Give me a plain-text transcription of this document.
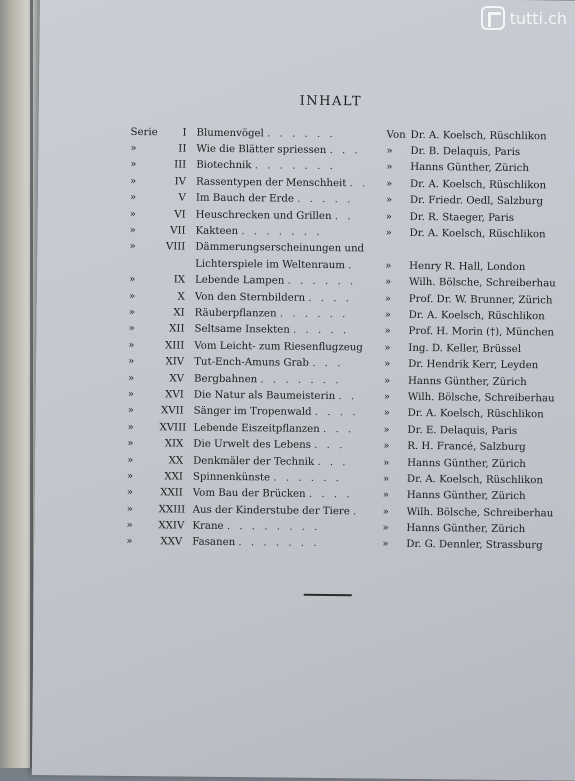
INHALT
Serie	I Blumenvögel . . . . . .	Von Dr. A. Koelsch, Rüschlikon
»	II Wie die Blätter spriessen . . .	»	Dr. B. Delaquis, Paris
»	III Biotechnik . . . . . . .	»	Hanns Günther, Zürich
»	IV Rassentypen der Menschheit . .	»	Dr. A. Koelsch, Rüschlikon
»	V Im Bauch der Erde . . . . .	»	Dr. Friedr. Oedl, Salzburg
»	VI Heuschrecken und Grillen . .	»	Dr. R. Staeger, Paris
»	VII Kakteen . . . . . . .	»	Dr. A. Koelsch, Rüschlikon
»	VIII Dämmerungserscheinungen und
Lichterspiele im Weltenraum .	»	Henry R. Hall, London
»	IX Lebende Lampen . . . . . .	»	Wilh. Bölsche, Schreiberhau
»	X Von den Sternbildern . . . .	»	Prof. Dr. W. Brunner, Zürich
»	XI Räuberpflanzen . . . . . .	»	Dr. A. Koelsch, Rüschlikon
»	XII Seltsame Insekten . . . . .	»	Prof. H. Morin (†), München
»	XIII Vom Leicht- zum Riesenflugzeug	»	Ing. D. Keller, Brüssel
»	XIV Tut-Ench-Amuns Grab . . .	»	Dr. Hendrik Kerr, Leyden
»	XV Bergbahnen . . . . . . .	»	Hanns Günther, Zürich
»	XVI Die Natur als Baumeisterin . .	»	Wilh. Bölsche, Schreiberhau
»	XVII Sänger im Tropenwald . . . .	»	Dr. A. Koelsch, Rüschlikon
»	XVIII Lebende Eiszeitpflanzen . . .	»	Dr. E. Delaquis, Paris
»	XIX Die Urwelt des Lebens . . .	»	R. H. Francé, Salzburg
»	XX Denkmäler der Technik . . .	»	Hanns Günther, Zürich
»	XXI Spinnenkünste . . . . . .	»	Dr. A. Koelsch, Rüschlikon
»	XXII Vom Bau der Brücken . . . .	»	Hanns Günther, Zürich
»	XXIII Aus der Kinderstube der Tiere .	»	Wilh. Bölsche, Schreiberhau
»	XXIV Krane . . . . . . . .	»	Hanns Günther, Zürich
»	XXV Fasanen . . . . . . .	»	Dr. G. Dennler, Strassburg
tutti.ch
